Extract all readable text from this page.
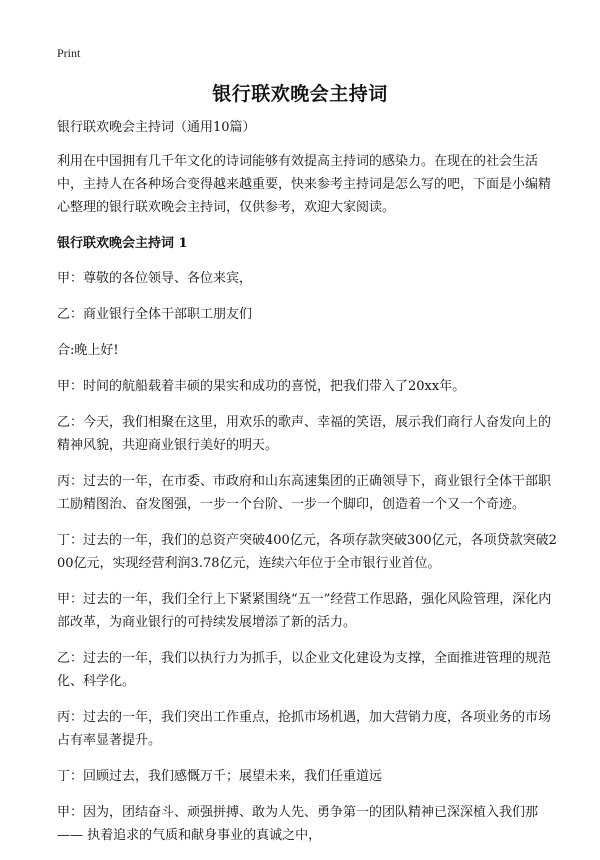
Print
银行联欢晚会主持词

银行联欢晚会主持词（通用10篇）

利用在中国拥有几千年文化的诗词能够有效提高主持词的感染力。在现在的社会生活中，主持人在各种场合变得越来越重要，快来参考主持词是怎么写的吧，下面是小编精心整理的银行联欢晚会主持词，仅供参考，欢迎大家阅读。

银行联欢晚会主持词 1

甲：尊敬的各位领导、各位来宾，

乙：商业银行全体干部职工朋友们

合:晚上好!

甲：时间的航船载着丰硕的果实和成功的喜悦，把我们带入了20xx年。

乙：今天，我们相聚在这里，用欢乐的歌声、幸福的笑语，展示我们商行人奋发向上的精神风貌，共迎商业银行美好的明天。

丙：过去的一年，在市委、市政府和山东高速集团的正确领导下，商业银行全体干部职工励精图治、奋发图强，一步一个台阶、一步一个脚印，创造着一个又一个奇迹。

丁：过去的一年，我们的总资产突破400亿元，各项存款突破300亿元，各项贷款突破200亿元，实现经营利润3.78亿元，连续六年位于全市银行业首位。

甲：过去的一年，我们全行上下紧紧围绕“五一”经营工作思路，强化风险管理，深化内部改革，为商业银行的可持续发展增添了新的活力。

乙：过去的一年，我们以执行力为抓手，以企业文化建设为支撑，全面推进管理的规范化、科学化。

丙：过去的一年，我们突出工作重点，抢抓市场机遇，加大营销力度，各项业务的市场占有率显著提升。

丁：回顾过去，我们感慨万千；展望未来，我们任重道远

甲：因为，团结奋斗、顽强拼搏、敢为人先、勇争第一的团队精神已深深植入我们那—— 执着追求的气质和献身事业的真诚之中，
